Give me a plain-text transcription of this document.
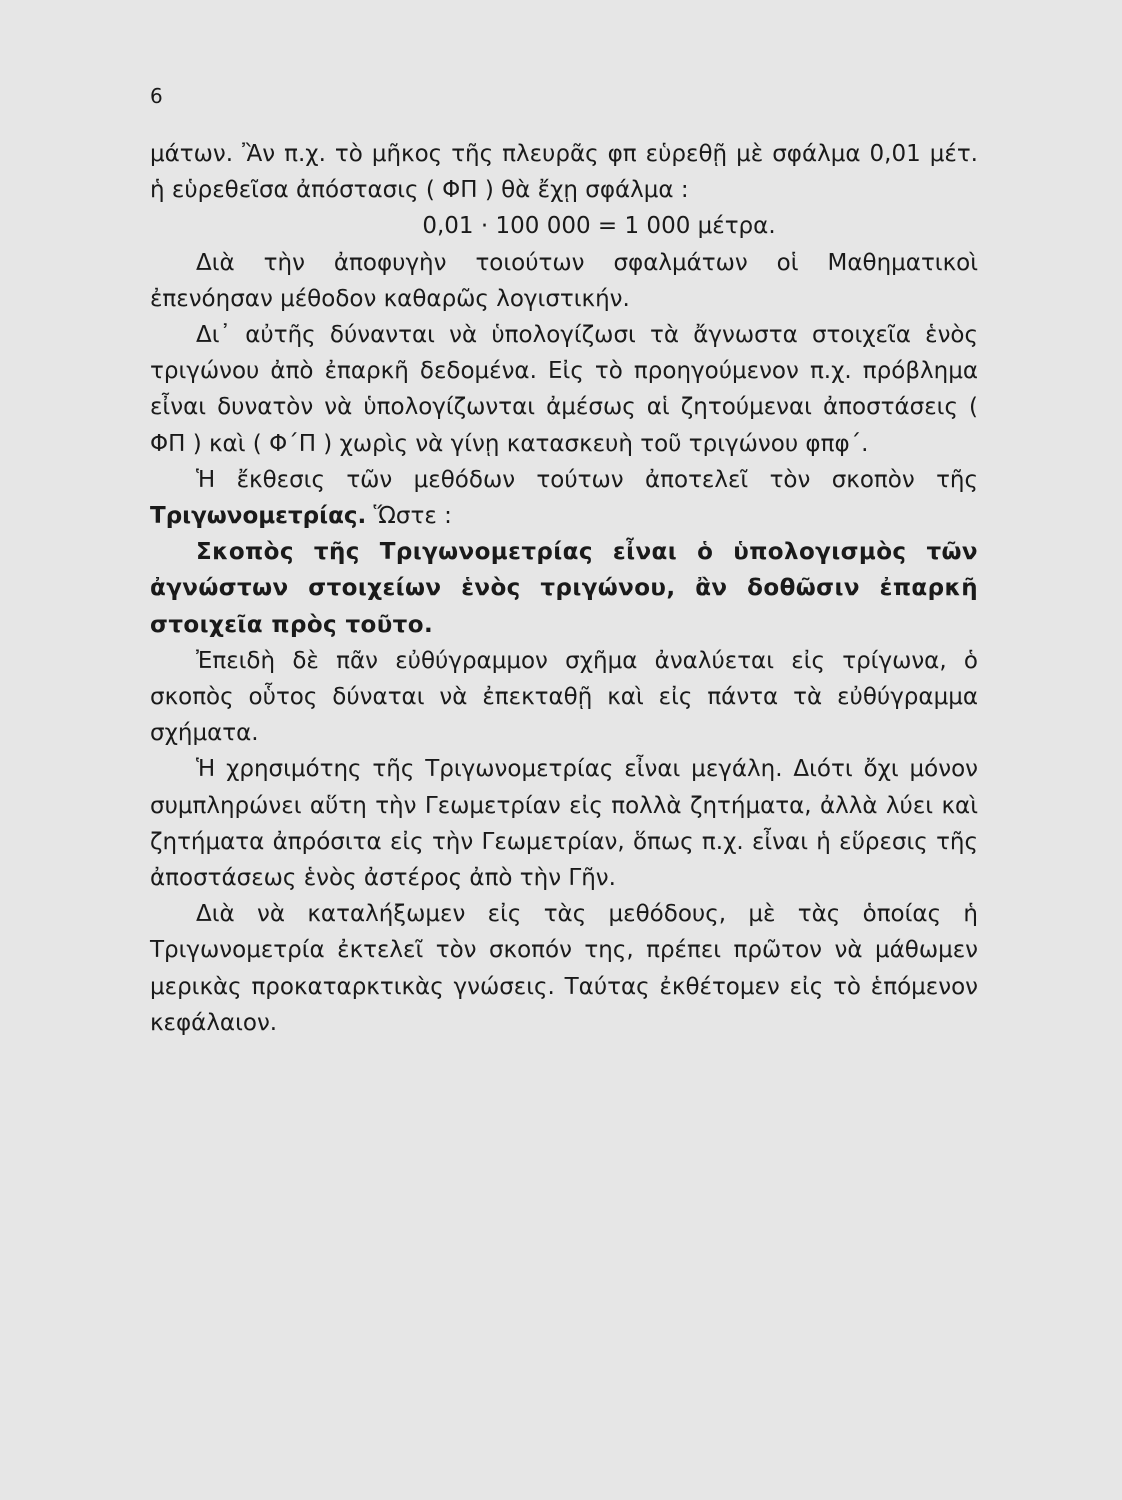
6

μάτων. Ἂν π.χ. τὸ μῆκος τῆς πλευρᾶς φπ εὑρεθῇ μὲ σφάλμα 0,01 μέτ. ἡ εὑρεθεῖσα ἀπόστασις ( ΦΠ ) θὰ ἔχῃ σφάλμα :

0,01 · 100 000 = 1 000 μέτρα.

Διὰ τὴν ἀποφυγὴν τοιούτων σφαλμάτων οἱ Μαθηματικοὶ ἐπενόησαν μέθοδον καθαρῶς λογιστικήν.

Δι᾽ αὐτῆς δύνανται νὰ ὑπολογίζωσι τὰ ἄγνωστα στοιχεῖα ἑνὸς τριγώνου ἀπὸ ἐπαρκῆ δεδομένα. Εἰς τὸ προηγούμενον π.χ. πρόβλημα εἶναι δυνατὸν νὰ ὑπολογίζωνται ἀμέσως αἱ ζητούμεναι ἀποστάσεις ( ΦΠ ) καὶ ( Φ΄Π ) χωρὶς νὰ γίνῃ κατασκευὴ τοῦ τριγώνου φπφ΄.

Ἡ ἔκθεσις τῶν μεθόδων τούτων ἀποτελεῖ τὸν σκοπὸν τῆς Τριγωνομετρίας. Ὥστε :

Σκοπὸς τῆς Τριγωνομετρίας εἶναι ὁ ὑπολογισμὸς τῶν ἀγνώστων στοιχείων ἑνὸς τριγώνου, ἂν δοθῶσιν ἐπαρκῆ στοιχεῖα πρὸς τοῦτο.

Ἐπειδὴ δὲ πᾶν εὐθύγραμμον σχῆμα ἀναλύεται εἰς τρίγωνα, ὁ σκοπὸς οὗτος δύναται νὰ ἐπεκταθῇ καὶ εἰς πάντα τὰ εὐθύγραμμα σχήματα.

Ἡ χρησιμότης τῆς Τριγωνομετρίας εἶναι μεγάλη. Διότι ὄχι μόνον συμπληρώνει αὕτη τὴν Γεωμετρίαν εἰς πολλὰ ζητήματα, ἀλλὰ λύει καὶ ζητήματα ἀπρόσιτα εἰς τὴν Γεωμετρίαν, ὅπως π.χ. εἶναι ἡ εὕρεσις τῆς ἀποστάσεως ἑνὸς ἀστέρος ἀπὸ τὴν Γῆν.

Διὰ νὰ καταλήξωμεν εἰς τὰς μεθόδους, μὲ τὰς ὁποίας ἡ Τριγωνομετρία ἐκτελεῖ τὸν σκοπόν της, πρέπει πρῶτον νὰ μάθωμεν μερικὰς προκαταρκτικὰς γνώσεις. Ταύτας ἐκθέτομεν εἰς τὸ ἑπόμενον κεφάλαιον.
